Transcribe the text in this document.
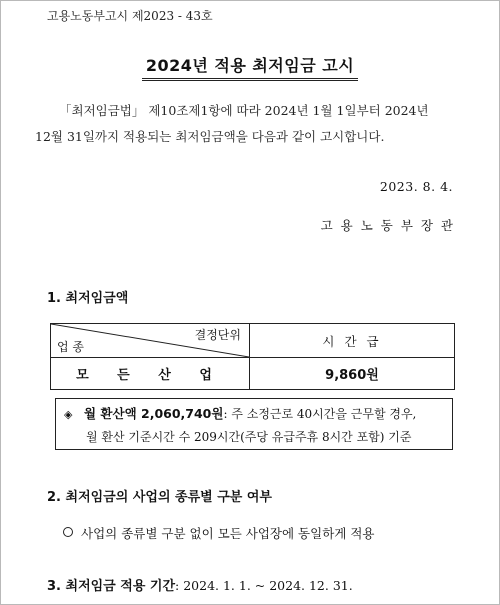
고용노동부고시 제2023 - 43호
2024년 적용 최저임금 고시
「최저임금법」 제10조제1항에 따라 2024년 1월 1일부터 2024년
12월 31일까지 적용되는 최저임금액을 다음과 같이 고시합니다.
2023. 8. 4.
고 용 노 동 부 장 관
1. 최저임금액
결정단위
업 종	시 간 급
모 든 산 업	9,860원
◈ 월 환산액 2,060,740원: 주 소정근로 40시간을 근무할 경우,
월 환산 기준시간 수 209시간(주당 유급주휴 8시간 포함) 기준
2. 최저임금의 사업의 종류별 구분 여부
사업의 종류별 구분 없이 모든 사업장에 동일하게 적용
3. 최저임금 적용 기간: 2024. 1. 1. ~ 2024. 12. 31.
